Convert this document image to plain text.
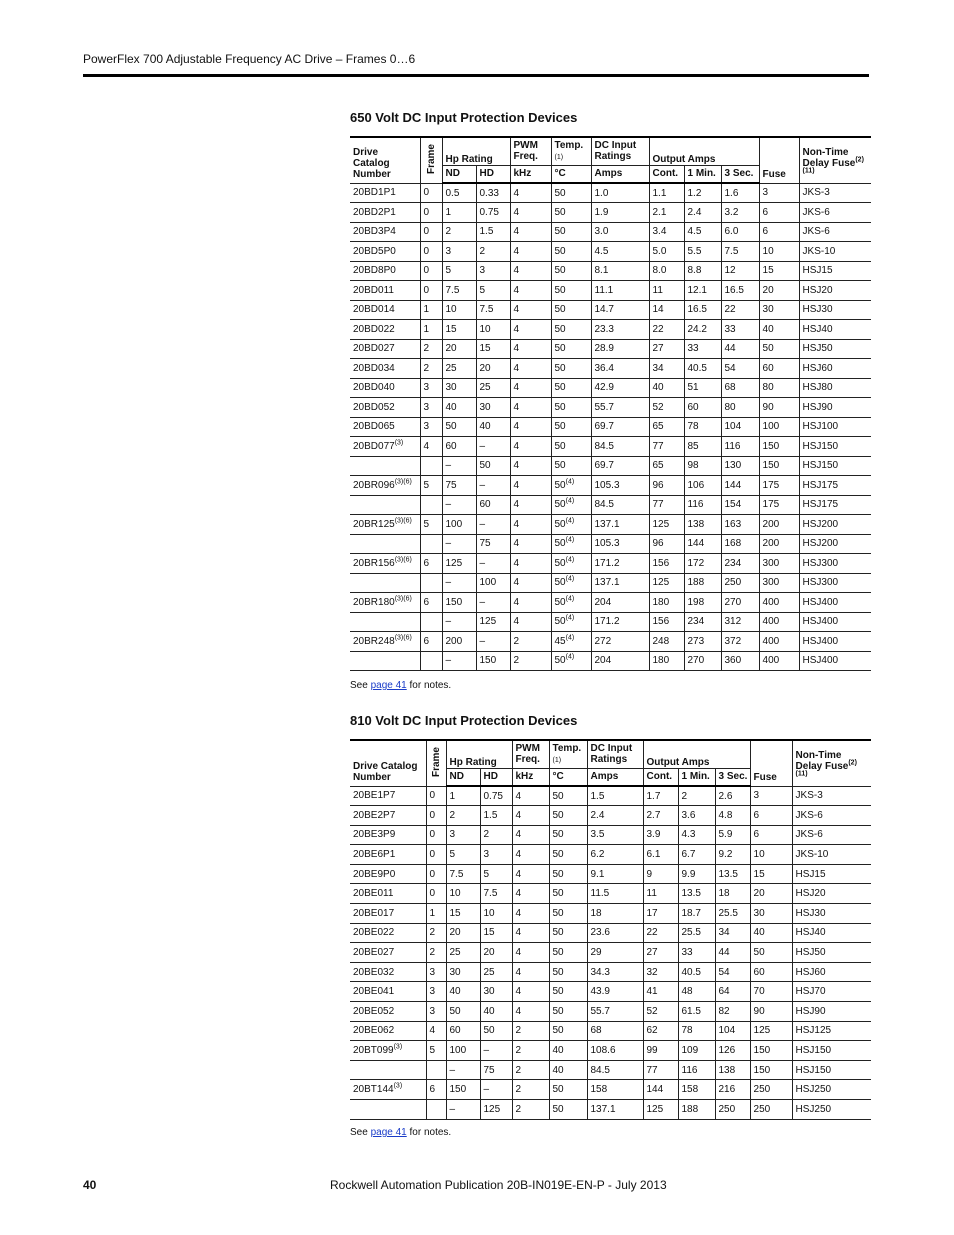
PowerFlex 700 Adjustable Frequency AC Drive – Frames 0…6
650 Volt DC Input Protection Devices
Drive Catalog Number	Frame	Hp Rating		PWM Freq.	Temp.
(1)	DC Input Ratings	Output Amps			Fuse	Non-Time Delay Fuse$^{(2) (11)}$
		ND	HD	kHz	°C	Amps	Cont.	1 Min.	3 Sec.		
20BD1P1	0	0.5	0.33	4	50	1.0	1.1	1.2	1.6	3	JKS-3
20BD2P1	0	1	0.75	4	50	1.9	2.1	2.4	3.2	6	JKS-6
20BD3P4	0	2	1.5	4	50	3.0	3.4	4.5	6.0	6	JKS-6
20BD5P0	0	3	2	4	50	4.5	5.0	5.5	7.5	10	JKS-10
20BD8P0	0	5	3	4	50	8.1	8.0	8.8	12	15	HSJ15
20BD011	0	7.5	5	4	50	11.1	11	12.1	16.5	20	HSJ20
20BD014	1	10	7.5	4	50	14.7	14	16.5	22	30	HSJ30
20BD022	1	15	10	4	50	23.3	22	24.2	33	40	HSJ40
20BD027	2	20	15	4	50	28.9	27	33	44	50	HSJ50
20BD034	2	25	20	4	50	36.4	34	40.5	54	60	HSJ60
20BD040	3	30	25	4	50	42.9	40	51	68	80	HSJ80
20BD052	3	40	30	4	50	55.7	52	60	80	90	HSJ90
20BD065	3	50	40	4	50	69.7	65	78	104	100	HSJ100
20BD077$^{(3)}$	4	60	–	4	50	84.5	77	85	116	150	HSJ150
		–	50	4	50	69.7	65	98	130	150	HSJ150
$20BR096^{(3)(6)}$	5	75	–	4	50$^{(4)}$	105.3	96	106	144	175	HSJ175
		–	60	4	50$^{(4)}$	84.5	77	116	154	175	HSJ175
$20BR125^{(3)(6)}$	5	100	–	4	50$^{(4)}$	137.1	125	138	163	200	HSJ200
		–	75	4	50$^{(4)}$	105.3	96	144	168	200	HSJ200
$20BR156^{(3)(6)}$	6	125	–	4	50$^{(4)}$	171.2	156	172	234	300	HSJ300
		–	100	4	50$^{(4)}$	137.1	125	188	250	300	HSJ300
$20BR180^{(3)(6)}$	6	150	–	4	50$^{(4)}$	204	180	198	270	400	HSJ400
		–	125	4	50$^{(4)}$	171.2	156	234	312	400	HSJ400
$20BR248^{(3)(6)}$	6	200	–	2	45$^{(4)}$	272	248	273	372	400	HSJ400
		–	150	2	50$^{(4)}$	204	180	270	360	400	HSJ400
See page 41 for notes.
810 Volt DC Input Protection Devices
Drive Catalog Number	Frame	Hp Rating		PWM Freq.	Temp.
(1)	DC Input Ratings	Output Amps			Fuse	Non-Time Delay Fuse$^{(2) (11)}$
		ND	HD	kHz	°C	Amps	Cont.	1 Min.	3 Sec.		
20BE1P7	0	1	0.75	4	50	1.5	1.7	2	2.6	3	JKS-3
20BE2P7	0	2	1.5	4	50	2.4	2.7	3.6	4.8	6	JKS-6
20BE3P9	0	3	2	4	50	3.5	3.9	4.3	5.9	6	JKS-6
20BE6P1	0	5	3	4	50	6.2	6.1	6.7	9.2	10	JKS-10
20BE9P0	0	7.5	5	4	50	9.1	9	9.9	13.5	15	HSJ15
20BE011	0	10	7.5	4	50	11.5	11	13.5	18	20	HSJ20
20BE017	1	15	10	4	50	18	17	18.7	25.5	30	HSJ30
20BE022	2	20	15	4	50	23.6	22	25.5	34	40	HSJ40
20BE027	2	25	20	4	50	29	27	33	44	50	HSJ50
20BE032	3	30	25	4	50	34.3	32	40.5	54	60	HSJ60
20BE041	3	40	30	4	50	43.9	41	48	64	70	HSJ70
20BE052	3	50	40	4	50	55.7	52	61.5	82	90	HSJ90
20BE062	4	60	50	2	50	68	62	78	104	125	HSJ125
20BT099$^{(3)}$	5	100	–	2	40	108.6	99	109	126	150	HSJ150
		–	75	2	40	84.5	77	116	138	150	HSJ150
20BT144$^{(3)}$	6	150	–	2	50	158	144	158	216	250	HSJ250
		–	125	2	50	137.1	125	188	250	250	HSJ250
See page 41 for notes.
40	Rockwell Automation Publication 20B-IN019E-EN-P - July 2013
